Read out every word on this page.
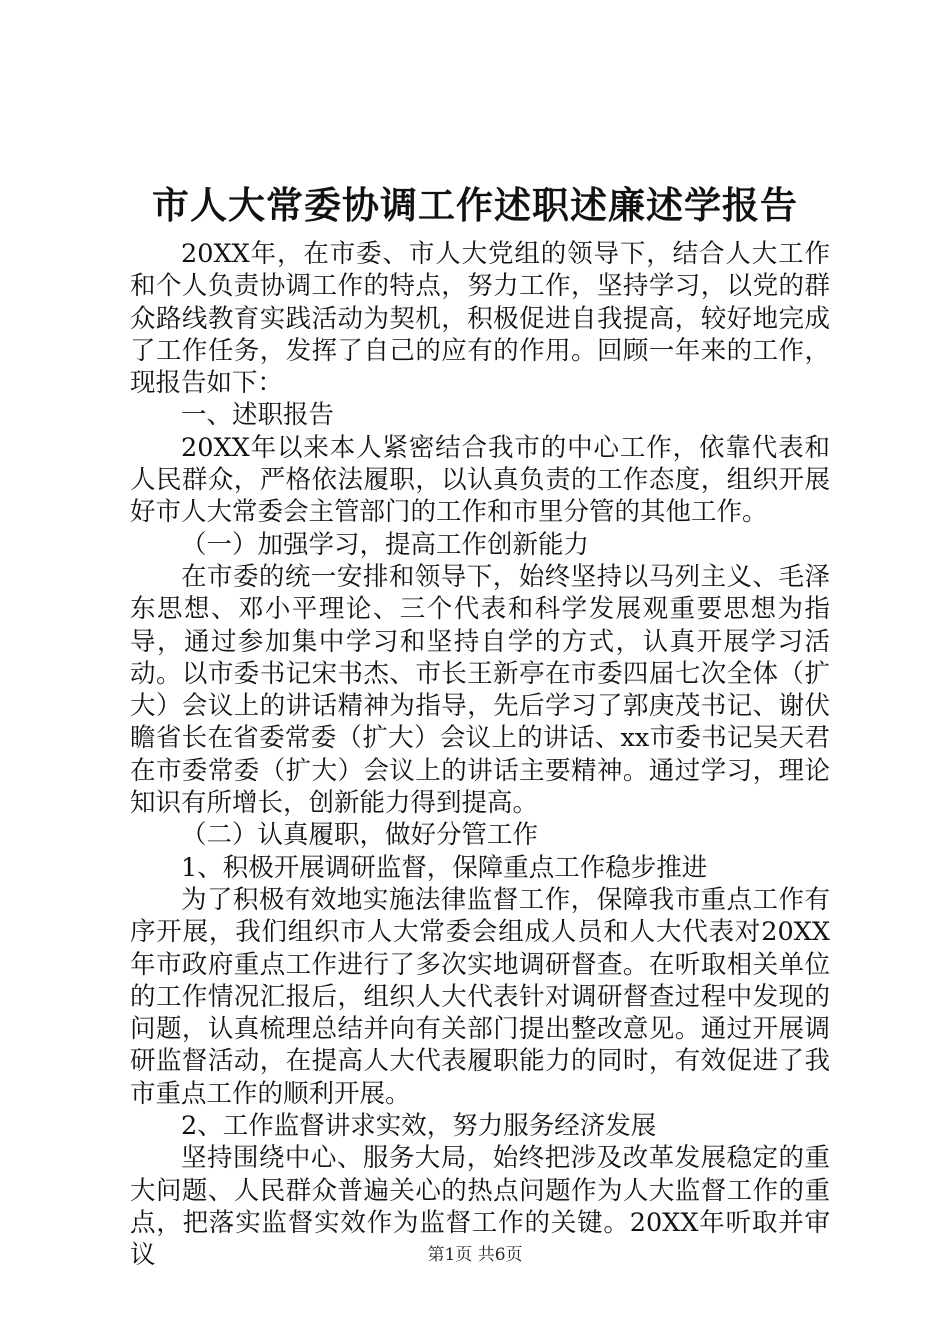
市人大常委协调工作述职述廉述学报告

20XX年，在市委、市人大党组的领导下，结合人大工作和个人负责协调工作的特点，努力工作，坚持学习，以党的群众路线教育实践活动为契机，积极促进自我提高，较好地完成了工作任务，发挥了自己的应有的作用。回顾一年来的工作，现报告如下：

一、述职报告

20XX年以来本人紧密结合我市的中心工作，依靠代表和人民群众，严格依法履职，以认真负责的工作态度，组织开展好市人大常委会主管部门的工作和市里分管的其他工作。

（一）加强学习，提高工作创新能力

在市委的统一安排和领导下，始终坚持以马列主义、毛泽东思想、邓小平理论、三个代表和科学发展观重要思想为指导，通过参加集中学习和坚持自学的方式，认真开展学习活动。以市委书记宋书杰、市长王新亭在市委四届七次全体（扩大）会议上的讲话精神为指导，先后学习了郭庚茂书记、谢伏瞻省长在省委常委（扩大）会议上的讲话、xx市委书记吴天君在市委常委（扩大）会议上的讲话主要精神。通过学习，理论知识有所增长，创新能力得到提高。

（二）认真履职，做好分管工作

1、积极开展调研监督，保障重点工作稳步推进

为了积极有效地实施法律监督工作，保障我市重点工作有序开展，我们组织市人大常委会组成人员和人大代表对20XX年市政府重点工作进行了多次实地调研督查。在听取相关单位的工作情况汇报后，组织人大代表针对调研督查过程中发现的问题，认真梳理总结并向有关部门提出整改意见。通过开展调研监督活动，在提高人大代表履职能力的同时，有效促进了我市重点工作的顺利开展。

2、工作监督讲求实效，努力服务经济发展

坚持围绕中心、服务大局，始终把涉及改革发展稳定的重大问题、人民群众普遍关心的热点问题作为人大监督工作的重点，把落实监督实效作为监督工作的关键。20XX年听取并审议	第1页 共6页
